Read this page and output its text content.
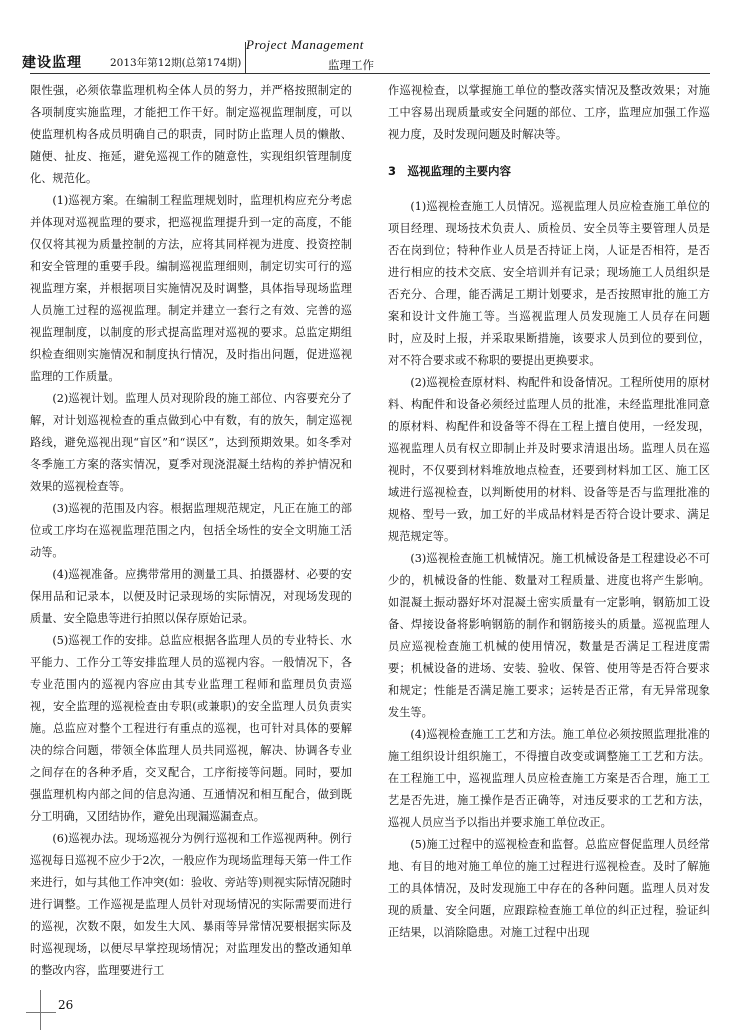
Project Management
建设监理	2013年第12期(总第174期)	监理工作

限性强，必须依靠监理机构全体人员的努力，并严格按照制定的各项制度实施监理，才能把工作干好。制定巡视监理制度，可以使监理机构各成员明确自己的职责，同时防止监理人员的懒散、随便、扯皮、拖延，避免巡视工作的随意性，实现组织管理制度化、规范化。

(1)巡视方案。在编制工程监理规划时，监理机构应充分考虑并体现对巡视监理的要求，把巡视监理提升到一定的高度，不能仅仅将其视为质量控制的方法，应将其同样视为进度、投资控制和安全管理的重要手段。编制巡视监理细则，制定切实可行的巡视监理方案，并根据项目实施情况及时调整，具体指导现场监理人员施工过程的巡视监理。制定并建立一套行之有效、完善的巡视监理制度，以制度的形式提高监理对巡视的要求。总监定期组织检查细则实施情况和制度执行情况，及时指出问题，促进巡视监理的工作质量。

(2)巡视计划。监理人员对现阶段的施工部位、内容要充分了解，对计划巡视检查的重点做到心中有数，有的放矢，制定巡视路线，避免巡视出现“盲区”和“误区”，达到预期效果。如冬季对冬季施工方案的落实情况，夏季对现浇混凝土结构的养护情况和效果的巡视检查等。

(3)巡视的范围及内容。根据监理规范规定，凡正在施工的部位或工序均在巡视监理范围之内，包括全场性的安全文明施工活动等。

(4)巡视准备。应携带常用的测量工具、拍摄器材、必要的安保用品和记录本，以便及时记录现场的实际情况，对现场发现的质量、安全隐患等进行拍照以保存原始记录。

(5)巡视工作的安排。总监应根据各监理人员的专业特长、水平能力、工作分工等安排监理人员的巡视内容。一般情况下，各专业范围内的巡视内容应由其专业监理工程师和监理员负责巡视，安全监理的巡视检查由专职(或兼职)的安全监理人员负责实施。总监应对整个工程进行有重点的巡视，也可针对具体的要解决的综合问题，带领全体监理人员共同巡视，解决、协调各专业之间存在的各种矛盾，交叉配合，工序衔接等问题。同时，要加强监理机构内部之间的信息沟通、互通情况和相互配合，做到既分工明确，又团结协作，避免出现漏巡漏查点。

(6)巡视办法。现场巡视分为例行巡视和工作巡视两种。例行巡视每日巡视不应少于2次，一般应作为现场监理每天第一件工作来进行，如与其他工作冲突(如：验收、旁站等)则视实际情况随时进行调整。工作巡视是监理人员针对现场情况的实际需要而进行的巡视，次数不限，如发生大风、暴雨等异常情况要根据实际及时巡视现场，以便尽早掌控现场情况；对监理发出的整改通知单的整改内容，监理要进行工

作巡视检查，以掌握施工单位的整改落实情况及整改效果；对施工中容易出现质量或安全问题的部位、工序，监理应加强工作巡视力度，及时发现问题及时解决等。

3　巡视监理的主要内容

(1)巡视检查施工人员情况。巡视监理人员应检查施工单位的项目经理、现场技术负责人、质检员、安全员等主要管理人员是否在岗到位；特种作业人员是否持证上岗，人证是否相符，是否进行相应的技术交底、安全培训并有记录；现场施工人员组织是否充分、合理，能否满足工期计划要求，是否按照审批的施工方案和设计文件施工等。当巡视监理人员发现施工人员存在问题时，应及时上报，并采取果断措施，该要求人员到位的要到位，对不符合要求或不称职的要提出更换要求。

(2)巡视检查原材料、构配件和设备情况。工程所使用的原材料、构配件和设备必须经过监理人员的批准，未经监理批准同意的原材料、构配件和设备等不得在工程上擅自使用，一经发现，巡视监理人员有权立即制止并及时要求清退出场。监理人员在巡视时，不仅要到材料堆放地点检查，还要到材料加工区、施工区域进行巡视检查，以判断使用的材料、设备等是否与监理批准的规格、型号一致，加工好的半成品材料是否符合设计要求、满足规范规定等。

(3)巡视检查施工机械情况。施工机械设备是工程建设必不可少的，机械设备的性能、数量对工程质量、进度也将产生影响。如混凝土振动器好坏对混凝土密实质量有一定影响，钢筋加工设备、焊接设备将影响钢筋的制作和钢筋接头的质量。巡视监理人员应巡视检查施工机械的使用情况，数量是否满足工程进度需要；机械设备的进场、安装、验收、保管、使用等是否符合要求和规定；性能是否满足施工要求；运转是否正常，有无异常现象发生等。

(4)巡视检查施工工艺和方法。施工单位必须按照监理批准的施工组织设计组织施工，不得擅自改变或调整施工工艺和方法。在工程施工中，巡视监理人员应检查施工方案是否合理，施工工艺是否先进，施工操作是否正确等，对违反要求的工艺和方法，巡视人员应当予以指出并要求施工单位改正。

(5)施工过程中的巡视检查和监督。总监应督促监理人员经常地、有目的地对施工单位的施工过程进行巡视检查。及时了解施工的具体情况，及时发现施工中存在的各种问题。监理人员对发现的质量、安全问题，应跟踪检查施工单位的纠正过程，验证纠正结果，以消除隐患。对施工过程中出现

26
